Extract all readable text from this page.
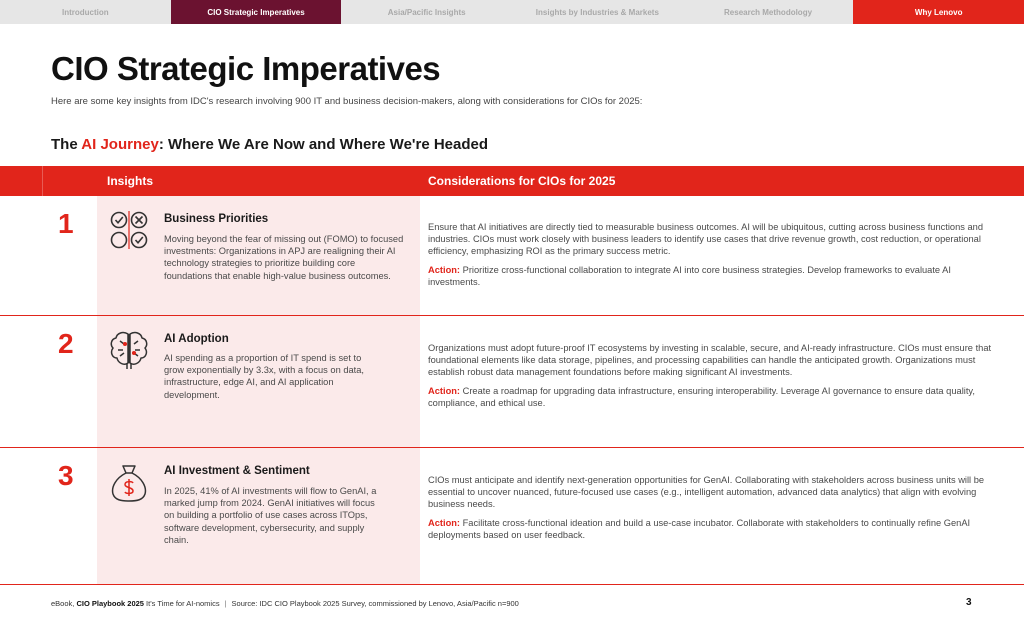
Introduction	CIO Strategic Imperatives	Asia/Pacific Insights	Insights by Industries & Markets	Research Methodology	Why Lenovo
CIO Strategic Imperatives

Here are some key insights from IDC's research involving 900 IT and business decision-makers, along with considerations for CIOs for 2025:

The AI Journey: Where We Are Now and Where We're Headed
Insights	Considerations for CIOs for 2025
1	Business Priorities
Moving beyond the fear of missing out (FOMO) to focused investments: Organizations in APJ are realigning their AI technology strategies to prioritize building core foundations that enable high-value business outcomes.
Ensure that AI initiatives are directly tied to measurable business outcomes. AI will be ubiquitous, cutting across business functions and industries. CIOs must work closely with business leaders to identify use cases that drive revenue growth, cost reduction, or operational efficiency, emphasizing ROI as the primary success metric.
Action: Prioritize cross-functional collaboration to integrate AI into core business strategies. Develop frameworks to evaluate AI investments.
2	AI Adoption
AI spending as a proportion of IT spend is set to grow exponentially by 3.3x, with a focus on data, infrastructure, edge AI, and AI application development.
Organizations must adopt future-proof IT ecosystems by investing in scalable, secure, and AI-ready infrastructure. CIOs must ensure that foundational elements like data storage, pipelines, and processing capabilities can handle the anticipated growth. Organizations must establish robust data management foundations before making significant AI investments.
Action: Create a roadmap for upgrading data infrastructure, ensuring interoperability. Leverage AI governance to ensure data quality, compliance, and ethical use.
3	AI Investment & Sentiment
In 2025, 41% of AI investments will flow to GenAI, a marked jump from 2024. GenAI initiatives will focus on building a portfolio of use cases across ITOps, software development, cybersecurity, and supply chain.
CIOs must anticipate and identify next-generation opportunities for GenAI. Collaborating with stakeholders across business units will be essential to uncover nuanced, future-focused use cases (e.g., intelligent automation, advanced data analytics) that align with evolving business needs.
Action: Facilitate cross-functional ideation and build a use-case incubator. Collaborate with stakeholders to continually refine GenAI deployments based on user feedback.
eBook, CIO Playbook 2025 It's Time for AI-nomics | Source: IDC CIO Playbook 2025 Survey, commissioned by Lenovo, Asia/Pacific n=900	3
